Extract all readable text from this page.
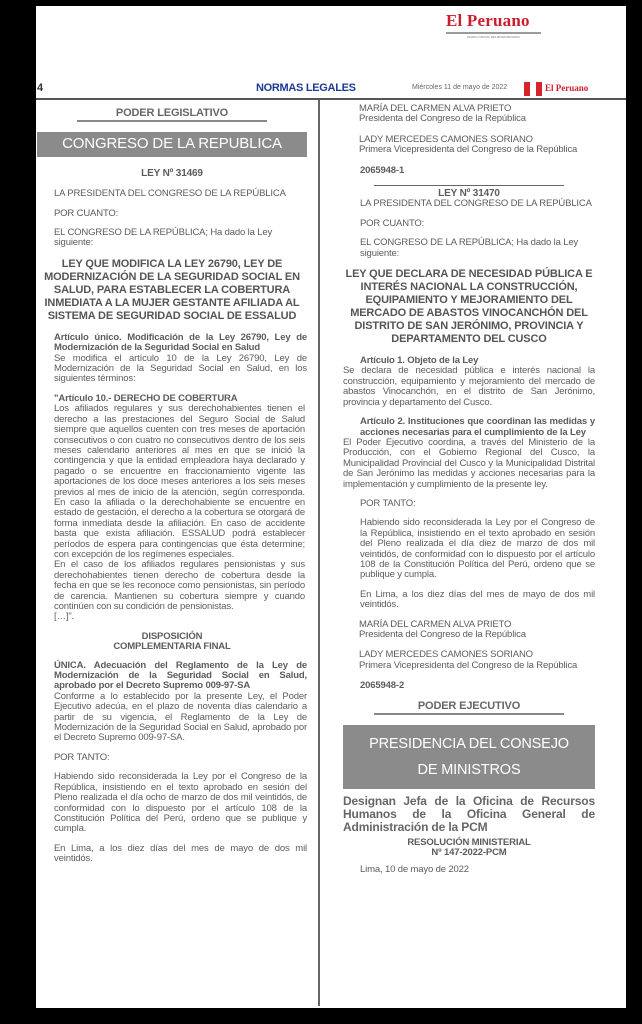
El Peruano
DIARIO OFICIAL DEL BICENTENARIO
4	NORMAS LEGALES	Miércoles 11 de mayo de 2022	El Peruano
PODER LEGISLATIVO
CONGRESO DE LA REPUBLICA
LEY Nº 31469
LA PRESIDENTA DEL CONGRESO DE LA REPÚBLICA
POR CUANTO:
EL CONGRESO DE LA REPÚBLICA; Ha dado la Ley siguiente:
LEY QUE MODIFICA LA LEY 26790, LEY DE MODERNIZACIÓN DE LA SEGURIDAD SOCIAL EN SALUD, PARA ESTABLECER LA COBERTURA INMEDIATA A LA MUJER GESTANTE AFILIADA AL SISTEMA DE SEGURIDAD SOCIAL DE ESSALUD
Artículo único. Modificación de la Ley 26790, Ley de Modernización de la Seguridad Social en Salud
Se modifica el artículo 10 de la Ley 26790, Ley de Modernización de la Seguridad Social en Salud, en los siguientes términos:
"Artículo 10.- DERECHO DE COBERTURA
Los afiliados regulares y sus derechohabientes tienen el derecho a las prestaciones del Seguro Social de Salud siempre que aquellos cuenten con tres meses de aportación consecutivos o con cuatro no consecutivos dentro de los seis meses calendario anteriores al mes en que se inició la contingencia y que la entidad empleadora haya declarado y pagado o se encuentre en fraccionamiento vigente las aportaciones de los doce meses anteriores a los seis meses previos al mes de inicio de la atención, según corresponda. En caso la afiliada o la derechohabiente se encuentre en estado de gestación, el derecho a la cobertura se otorgará de forma inmediata desde la afiliación. En caso de accidente basta que exista afiliación. ESSALUD podrá establecer períodos de espera para contingencias que ésta determine; con excepción de los regímenes especiales.
En el caso de los afiliados regulares pensionistas y sus derechohabientes tienen derecho de cobertura desde la fecha en que se les reconoce como pensionistas, sin período de carencia. Mantienen su cobertura siempre y cuando continúen con su condición de pensionistas.
[…]".
DISPOSICIÓN
COMPLEMENTARIA FINAL
ÚNICA. Adecuación del Reglamento de la Ley de Modernización de la Seguridad Social en Salud, aprobado por el Decreto Supremo 009-97-SA
Conforme a lo establecido por la presente Ley, el Poder Ejecutivo adecúa, en el plazo de noventa días calendario a partir de su vigencia, el Reglamento de la Ley de Modernización de la Seguridad Social en Salud, aprobado por el Decreto Supremo 009-97-SA.
POR TANTO:
Habiendo sido reconsiderada la Ley por el Congreso de la República, insistiendo en el texto aprobado en sesión del Pleno realizada el día ocho de marzo de dos mil veintidós, de conformidad con lo dispuesto por el artículo 108 de la Constitución Política del Perú, ordeno que se publique y cumpla.
En Lima, a los diez días del mes de mayo de dos mil veintidós.
MARÍA DEL CARMEN ALVA PRIETO
Presidenta del Congreso de la República
LADY MERCEDES CAMONES SORIANO
Primera Vicepresidenta del Congreso de la República
2065948-1
LEY Nº 31470
LA PRESIDENTA DEL CONGRESO DE LA REPÚBLICA
POR CUANTO:
EL CONGRESO DE LA REPÚBLICA; Ha dado la Ley siguiente:
LEY QUE DECLARA DE NECESIDAD PÚBLICA E INTERÉS NACIONAL LA CONSTRUCCIÓN, EQUIPAMIENTO Y MEJORAMIENTO DEL MERCADO DE ABASTOS VINOCANCHÓN DEL DISTRITO DE SAN JERÓNIMO, PROVINCIA Y DEPARTAMENTO DEL CUSCO
Artículo 1. Objeto de la Ley
Se declara de necesidad pública e interés nacional la construcción, equipamiento y mejoramiento del mercado de abastos Vinocanchón, en el distrito de San Jerónimo, provincia y departamento del Cusco.
Artículo 2. Instituciones que coordinan las medidas y acciones necesarias para el cumplimiento de la Ley
El Poder Ejecutivo coordina, a través del Ministerio de la Producción, con el Gobierno Regional del Cusco, la Municipalidad Provincial del Cusco y la Municipalidad Distrital de San Jerónimo las medidas y acciones necesarias para la implementación y cumplimiento de la presente ley.
POR TANTO:
Habiendo sido reconsiderada la Ley por el Congreso de la República, insistiendo en el texto aprobado en sesión del Pleno realizada el día diez de marzo de dos mil veintidós, de conformidad con lo dispuesto por el artículo 108 de la Constitución Política del Perú, ordeno que se publique y cumpla.
En Lima, a los diez días del mes de mayo de dos mil veintidós.
MARÍA DEL CARMEN ALVA PRIETO
Presidenta del Congreso de la República
LADY MERCEDES CAMONES SORIANO
Primera Vicepresidenta del Congreso de la República
2065948-2
PODER EJECUTIVO
PRESIDENCIA DEL CONSEJO
DE MINISTROS
Designan Jefa de la Oficina de Recursos Humanos de la Oficina General de Administración de la PCM
RESOLUCIÓN MINISTERIAL
Nº 147-2022-PCM
Lima, 10 de mayo de 2022
